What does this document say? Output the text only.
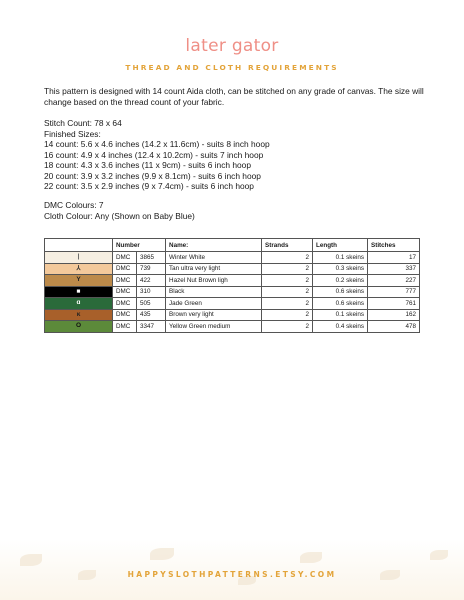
later gator
THREAD AND CLOTH REQUIREMENTS

This pattern is designed with 14 count Aida cloth, can be stitched on any grade of canvas. The size will change based on the thread count of your fabric.

Stitch Count: 78 x 64
Finished Sizes:
14 count: 5.6 x 4.6 inches (14.2 x 11.6cm) - suits 8 inch hoop
16 count: 4.9 x 4 inches (12.4 x 10.2cm) - suits 7 inch hoop
18 count: 4.3 x 3.6 inches (11 x 9cm) - suits 6 inch hoop
20 count: 3.9 x 3.2 inches (9.9 x 8.1cm) - suits 6 inch hoop
22 count: 3.5 x 2.9 inches (9 x 7.4cm) - suits 6 inch hoop
DMC Colours: 7
Cloth Colour: Any (Shown on Baby Blue)
	Number		Name:	Strands	Length	Stitches
|	DMC	3865	Winter White	2	0.1 skeins	17
⅄	DMC	739	Tan ultra very light	2	0.3 skeins	337
Y	DMC	422	Hazel Nut Brown ligh	2	0.2 skeins	227
■	DMC	310	Black	2	0.6 skeins	777
ɑ	DMC	505	Jade Green	2	0.6 skeins	761
ĸ	DMC	435	Brown very light	2	0.1 skeins	162
O	DMC	3347	Yellow Green medium	2	0.4 skeins	478
HAPPYSLOTHPATTERNS.ETSY.COM
